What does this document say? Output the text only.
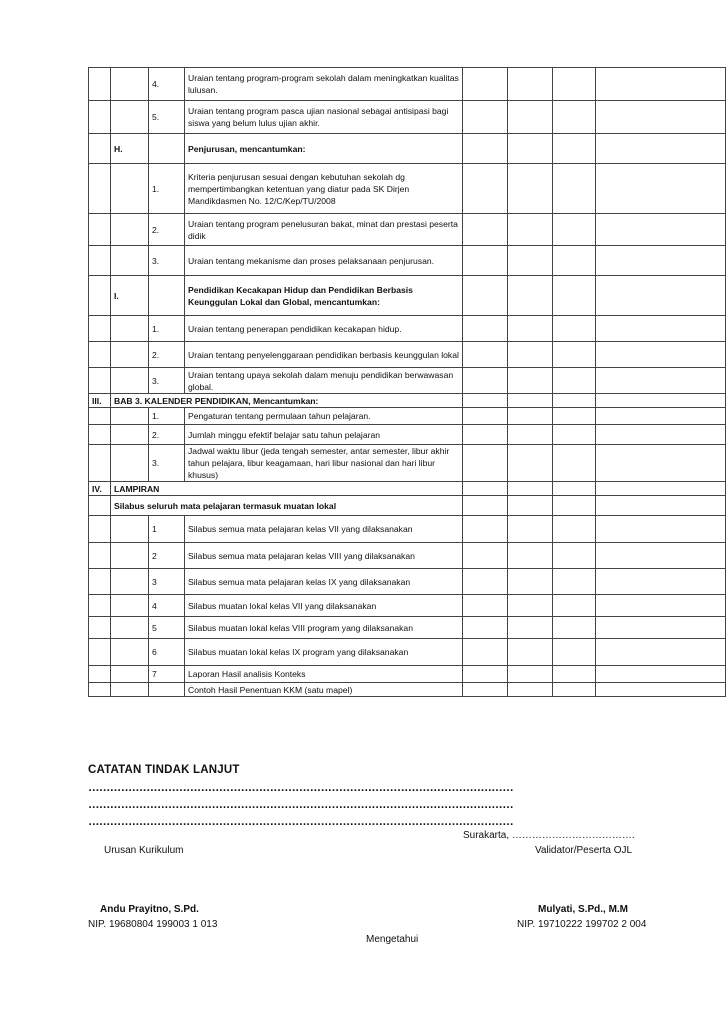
		4.	Uraian tentang program-program sekolah dalam meningkatkan kualitas lulusan.				
		5.	Uraian tentang program pasca ujian nasional sebagai antisipasi bagi siswa yang belum lulus ujian akhir.				
	H.		Penjurusan, mencantumkan:				
		1.	Kriteria penjurusan sesuai dengan kebutuhan sekolah dg mempertimbangkan ketentuan yang diatur pada SK Dirjen Mandikdasmen No. 12/C/Kep/TU/2008				
		2.	Uraian tentang program penelusuran bakat, minat dan prestasi peserta didik				
		3.	Uraian tentang mekanisme dan proses pelaksanaan penjurusan.				
	I.		Pendidikan Kecakapan Hidup dan Pendidikan Berbasis Keunggulan Lokal dan Global, mencantumkan:				
		1.	Uraian tentang penerapan pendidikan kecakapan hidup.				
		2.	Uraian tentang penyelenggaraan pendidikan berbasis keunggulan lokal				
		3.	Uraian tentang upaya sekolah dalam menuju pendidikan berwawasan global.				
III.	BAB 3. KALENDER PENDIDIKAN, Mencantumkan:						
		1.	Pengaturan tentang permulaan tahun pelajaran.				
		2.	Jumlah minggu efektif belajar satu tahun pelajaran				
		3.	Jadwal waktu libur (jeda tengah semester, antar semester, libur akhir tahun pelajara, libur keagamaan, hari libur nasional dan hari libur khusus)				
IV.	LAMPIRAN						
	Silabus seluruh mata pelajaran termasuk muatan lokal						
		1	Silabus semua mata pelajaran kelas VII yang dilaksanakan				
		2	Silabus semua mata pelajaran kelas VIII yang dilaksanakan				
		3	Silabus semua mata pelajaran kelas IX yang dilaksanakan				
		4	Silabus muatan lokal kelas VII yang dilaksanakan				
		5	Silabus muatan lokal kelas VIII program yang dilaksanakan				
		6	Silabus muatan lokal kelas IX program yang dilaksanakan				
		7	Laporan Hasil analisis Konteks				
			Contoh Hasil Penentuan KKM (satu mapel)				
CATATAN TINDAK LANJUT
………………………………………………………………………………………………………
………………………………………………………………………………………………………
………………………………………………………………………………………………………
Surakarta, ……………………………….
Urusan Kurikulum	Validator/Peserta OJL
Andu Prayitno, S.Pd.	Mulyati, S.Pd., M.M
NIP. 19680804 199003 1 013	NIP. 19710222 199702 2 004
Mengetahui
